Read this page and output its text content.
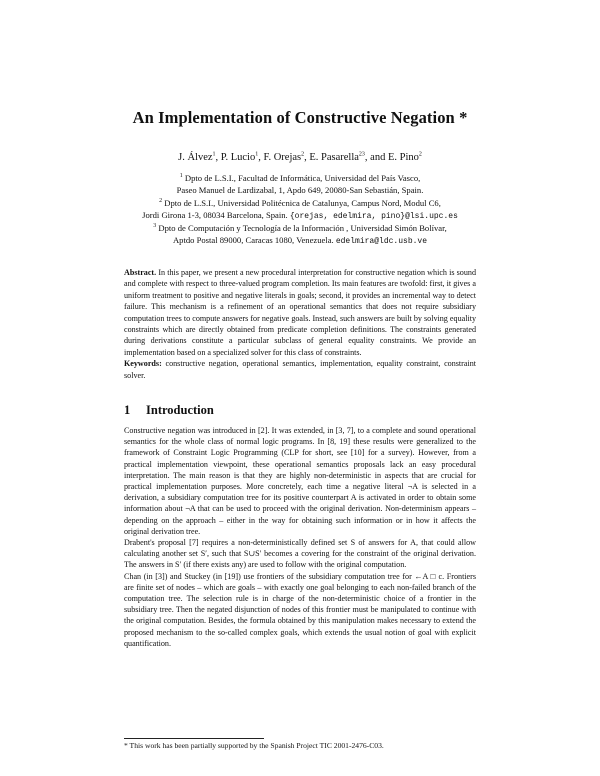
An Implementation of Constructive Negation *
J. Álvez$^1$, P. Lucio$^1$, F. Orejas$^2$, E. Pasarella$^{23}$, and E. Pino$^2$
$^1$ Dpto de L.S.I., Facultad de Informática, Universidad del País Vasco,
Paseo Manuel de Lardizabal, 1, Apdo 649, 20080-San Sebastián, Spain.
$^2$ Dpto de L.S.I., Universidad Politécnica de Catalunya, Campus Nord, Modul C6,
Jordi Girona 1-3, 08034 Barcelona, Spain. {orejas, edelmira, pino}@lsi.upc.es
$^3$ Dpto de Computación y Tecnología de la Información , Universidad Simón Bolívar,
Aptdo Postal 89000, Caracas 1080, Venezuela. edelmira@ldc.usb.ve

Abstract. In this paper, we present a new procedural interpretation for constructive negation which is sound and complete with respect to three-valued program completion. Its main features are twofold: first, it gives a uniform treatment to positive and negative literals in goals; second, it provides an incremental way to detect failure. This mechanism is a refinement of an operational semantics that does not require subsidiary computation trees to compute answers for negative goals. Instead, such answers are built by solving equality constraints which are directly obtained from predicate completion definitions. The constraints generated during derivations constitute a particular subclass of general equality constraints. We provide an implementation based on a specialized solver for this class of constraints.

Keywords: constructive negation, operational semantics, implementation, equality constraint, constraint solver.

1 Introduction

Constructive negation was introduced in [2]. It was extended, in [3, 7], to a complete and sound operational semantics for the whole class of normal logic programs. In [8, 19] these results were generalized to the framework of Constraint Logic Programming (CLP for short, see [10] for a survey). However, from a practical implementation viewpoint, these operational semantics proposals lack an easy procedural interpretation. The main reason is that they are highly non-deterministic in aspects that are crucial for practical implementation purposes. More concretely, each time a negative literal ¬A is selected in a derivation, a subsidiary computation tree for its positive counterpart A is activated in order to obtain some information about ¬A that can be used to proceed with the original derivation. Non-determinism appears – depending on the approach – either in the way for obtaining such information or in how it affects the original derivation tree.

Drabent's proposal [7] requires a non-deterministically defined set S of answers for A, that could allow calculating another set S′, such that S∪S′ becomes a covering for the constraint of the original derivation. The answers in S′ (if there exists any) are used to follow with the original computation.

Chan (in [3]) and Stuckey (in [19]) use frontiers of the subsidiary computation tree for ←A □ c. Frontiers are finite set of nodes – which are goals – with exactly one goal belonging to each non-failed branch of the computation tree. The selection rule is in charge of the non-deterministic choice of a frontier in the subsidiary tree. Then the negated disjunction of nodes of this frontier must be manipulated to continue with the original computation. Besides, the formula obtained by this manipulation makes necessary to extend the proposed mechanism to the so-called complex goals, which extends the usual notion of goal with explicit quantification.

* This work has been partially supported by the Spanish Project TIC 2001-2476-C03.
